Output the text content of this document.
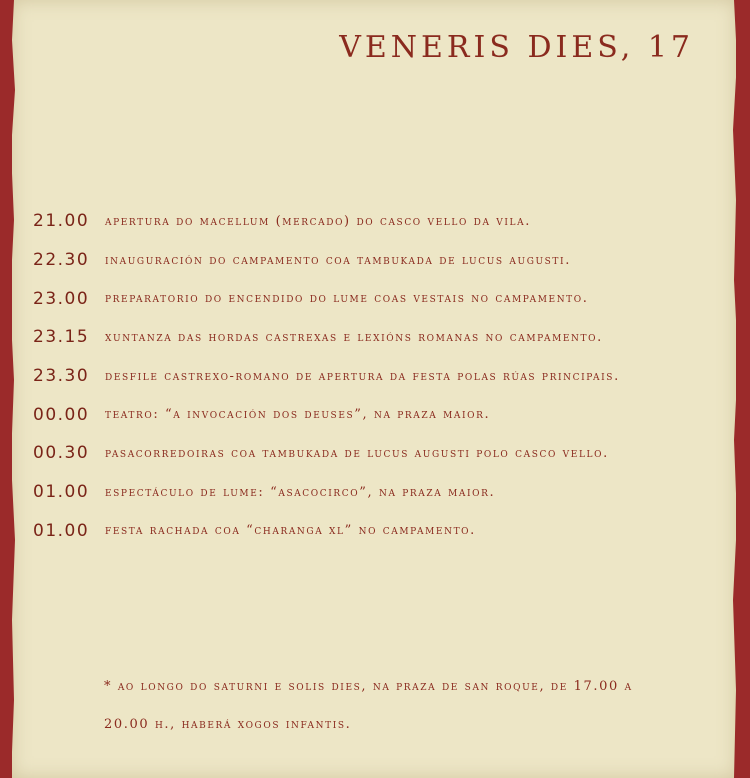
VENERIS DIES, 17
21.00	apertura do macellum (mercado) do casco vello da vila.
22.30	inauguración do campamento coa tambukada de lucus augusti.
23.00	preparatorio do encendido do lume coas vestais no campamento.
23.15	xuntanza das hordas castrexas e lexións romanas no campamento.
23.30	desfile castrexo-romano de apertura da festa polas rúas principais.
00.00	teatro: “a invocación dos deuses”, na praza maior.
00.30	pasacorredoiras coa tambukada de lucus augusti polo casco vello.
01.00	espectáculo de lume: “asacocirco”, na praza maior.
01.00	festa rachada coa “charanga xl” no campamento.
* ao longo do saturni e solis dies, na praza de san roque, de 17.00 a
20.00 h., haberá xogos infantis.
